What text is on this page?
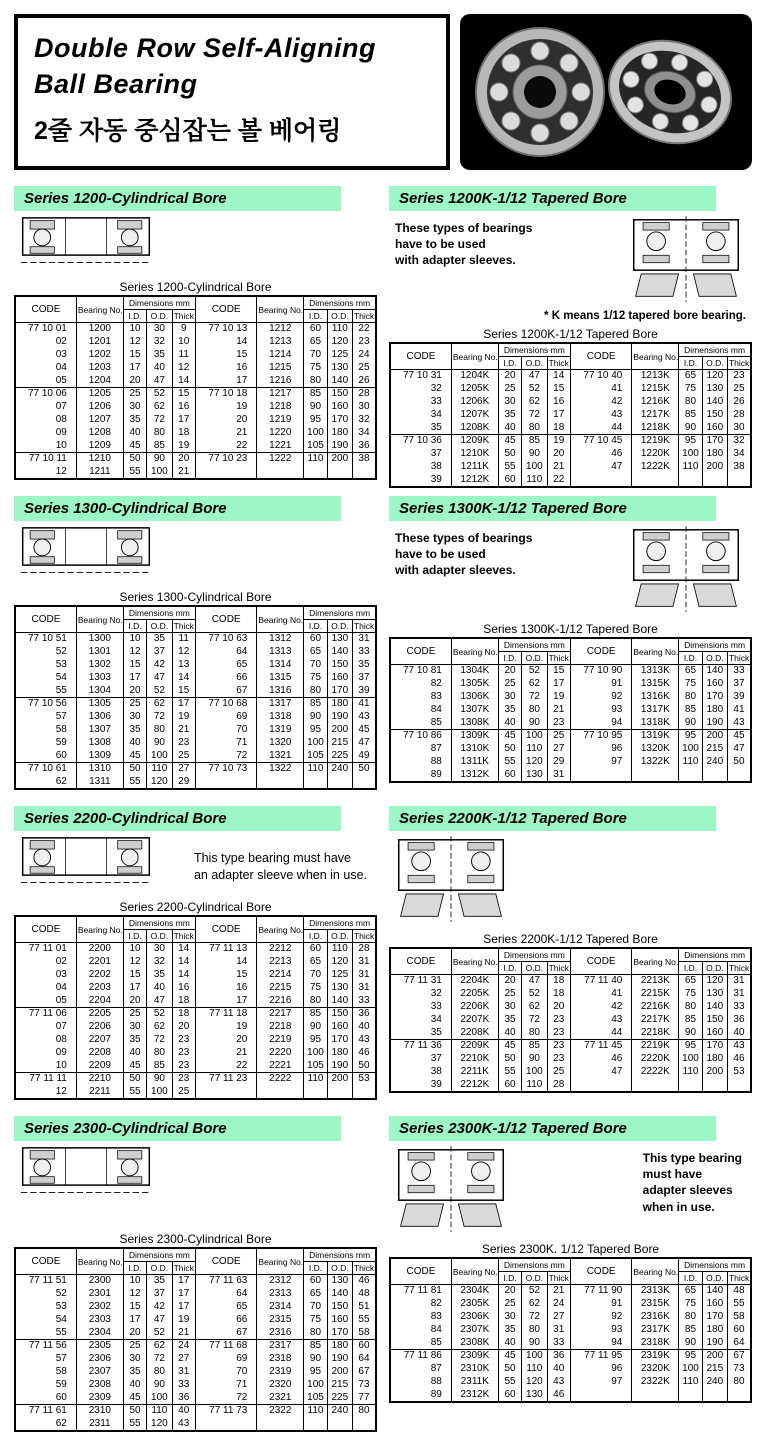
Double Row Self-Aligning
Ball Bearing
2줄 자동 중심잡는 볼 베어링
Series 1200-Cylindrical Bore
Series 1200-Cylindrical Bore
CODE	Bearing No.	Dimensions mm			CODE	Bearing No.	Dimensions mm		
		I.D.	O.D.	Thick			I.D.	O.D.	Thick
77 10 01	1200	10	30	9	77 10 13	1212	60	110	22
02	1201	12	32	10	14	1213	65	120	23
03	1202	15	35	11	15	1214	70	125	24
04	1203	17	40	12	16	1215	75	130	25
05	1204	20	47	14	17	1216	80	140	26
77 10 06	1205	25	52	15	77 10 18	1217	85	150	28
07	1206	30	62	16	19	1218	90	160	30
08	1207	35	72	17	20	1219	95	170	32
09	1208	40	80	18	21	1220	100	180	34
10	1209	45	85	19	22	1221	105	190	36
77 10 11	1210	50	90	20	77 10 23	1222	110	200	38
12	1211	55	100	21					
Series 1300-Cylindrical Bore
Series 1300-Cylindrical Bore
CODE	Bearing No.	Dimensions mm			CODE	Bearing No.	Dimensions mm		
		I.D.	O.D.	Thick			I.D.	O.D.	Thick
77 10 51	1300	10	35	11	77 10 63	1312	60	130	31
52	1301	12	37	12	64	1313	65	140	33
53	1302	15	42	13	65	1314	70	150	35
54	1303	17	47	14	66	1315	75	160	37
55	1304	20	52	15	67	1316	80	170	39
77 10 56	1305	25	62	17	77 10 68	1317	85	180	41
57	1306	30	72	19	69	1318	90	190	43
58	1307	35	80	21	70	1319	95	200	45
59	1308	40	90	23	71	1320	100	215	47
60	1309	45	100	25	72	1321	105	225	49
77 10 61	1310	50	110	27	77 10 73	1322	110	240	50
62	1311	55	120	29					
Series 2200-Cylindrical Bore
This type bearing must have
an adapter sleeve when in use.
Series 2200-Cylindrical Bore
CODE	Bearing No.	Dimensions mm			CODE	Bearing No.	Dimensions mm		
		I.D.	O.D.	Thick			I.D.	O.D.	Thick
77 11 01	2200	10	30	14	77 11 13	2212	60	110	28
02	2201	12	32	14	14	2213	65	120	31
03	2202	15	35	14	15	2214	70	125	31
04	2203	17	40	16	16	2215	75	130	31
05	2204	20	47	18	17	2216	80	140	33
77 11 06	2205	25	52	18	77 11 18	2217	85	150	36
07	2206	30	62	20	19	2218	90	160	40
08	2207	35	72	23	20	2219	95	170	43
09	2208	40	80	23	21	2220	100	180	46
10	2209	45	85	23	22	2221	105	190	50
77 11 11	2210	50	90	23	77 11 23	2222	110	200	53
12	2211	55	100	25					
Series 2300-Cylindrical Bore
Series 2300-Cylindrical Bore
CODE	Bearing No.	Dimensions mm			CODE	Bearing No.	Dimensions mm		
		I.D.	O.D.	Thick			I.D.	O.D.	Thick
77 11 51	2300	10	35	17	77 11 63	2312	60	130	46
52	2301	12	37	17	64	2313	65	140	48
53	2302	15	42	17	65	2314	70	150	51
54	2303	17	47	19	66	2315	75	160	55
55	2304	20	52	21	67	2316	80	170	58
77 11 56	2305	25	62	24	77 11 68	2317	85	180	60
57	2306	30	72	27	69	2318	90	190	64
58	2307	35	80	31	70	2319	95	200	67
59	2308	40	90	33	71	2320	100	215	73
60	2309	45	100	36	72	2321	105	225	77
77 11 61	2310	50	110	40	77 11 73	2322	110	240	80
62	2311	55	120	43					
Series 1200K-1/12 Tapered Bore
These types of bearings
have to be used
with adapter sleeves.
* K means 1/12 tapered bore bearing.
Series 1200K-1/12 Tapered Bore
CODE	Bearing No.	Dimensions mm			CODE	Bearing No.	Dimensions mm		
		I.D.	O.D.	Thick			I.D.	O.D.	Thick
77 10 31	1204K	20	47	14	77 10 40	1213K	65	120	23
32	1205K	25	52	15	41	1215K	75	130	25
33	1206K	30	62	16	42	1216K	80	140	26
34	1207K	35	72	17	43	1217K	85	150	28
35	1208K	40	80	18	44	1218K	90	160	30
77 10 36	1209K	45	85	19	77 10 45	1219K	95	170	32
37	1210K	50	90	20	46	1220K	100	180	34
38	1211K	55	100	21	47	1222K	110	200	38
39	1212K	60	110	22					
Series 1300K-1/12 Tapered Bore
These types of bearings
have to be used
with adapter sleeves.
Series 1300K-1/12 Tapered Bore
CODE	Bearing No.	Dimensions mm			CODE	Bearing No.	Dimensions mm		
		I.D.	O.D.	Thick			I.D.	O.D.	Thick
77 10 81	1304K	20	52	15	77 10 90	1313K	65	140	33
82	1305K	25	62	17	91	1315K	75	160	37
83	1306K	30	72	19	92	1316K	80	170	39
84	1307K	35	80	21	93	1317K	85	180	41
85	1308K	40	90	23	94	1318K	90	190	43
77 10 86	1309K	45	100	25	77 10 95	1319K	95	200	45
87	1310K	50	110	27	96	1320K	100	215	47
88	1311K	55	120	29	97	1322K	110	240	50
89	1312K	60	130	31					
Series 2200K-1/12 Tapered Bore
Series 2200K-1/12 Tapered Bore
CODE	Bearing No.	Dimensions mm			CODE	Bearing No.	Dimensions mm		
		I.D.	O.D.	Thick			I.D.	O.D.	Thick
77 11 31	2204K	20	47	18	77 11 40	2213K	65	120	31
32	2205K	25	52	18	41	2215K	75	130	31
33	2206K	30	62	20	42	2216K	80	140	33
34	2207K	35	72	23	43	2217K	85	150	36
35	2208K	40	80	23	44	2218K	90	160	40
77 11 36	2209K	45	85	23	77 11 45	2219K	95	170	43
37	2210K	50	90	23	46	2220K	100	180	46
38	2211K	55	100	25	47	2222K	110	200	53
39	2212K	60	110	28					
Series 2300K-1/12 Tapered Bore
This type bearing
must have
adapter sleeves
when in use.
Series 2300K. 1/12 Tapered Bore
CODE	Bearing No.	Dimensions mm			CODE	Bearing No.	Dimensions mm		
		I.D.	O.D.	Thick			I.D.	O.D.	Thick
77 11 81	2304K	20	52	21	77 11 90	2313K	65	140	48
82	2305K	25	62	24	91	2315K	75	160	55
83	2306K	30	72	27	92	2316K	80	170	58
84	2307K	35	80	31	93	2317K	85	180	60
85	2308K	40	90	33	94	2318K	90	190	64
77 11 86	2309K	45	100	36	77 11 95	2319K	95	200	67
87	2310K	50	110	40	96	2320K	100	215	73
88	2311K	55	120	43	97	2322K	110	240	80
89	2312K	60	130	46					
